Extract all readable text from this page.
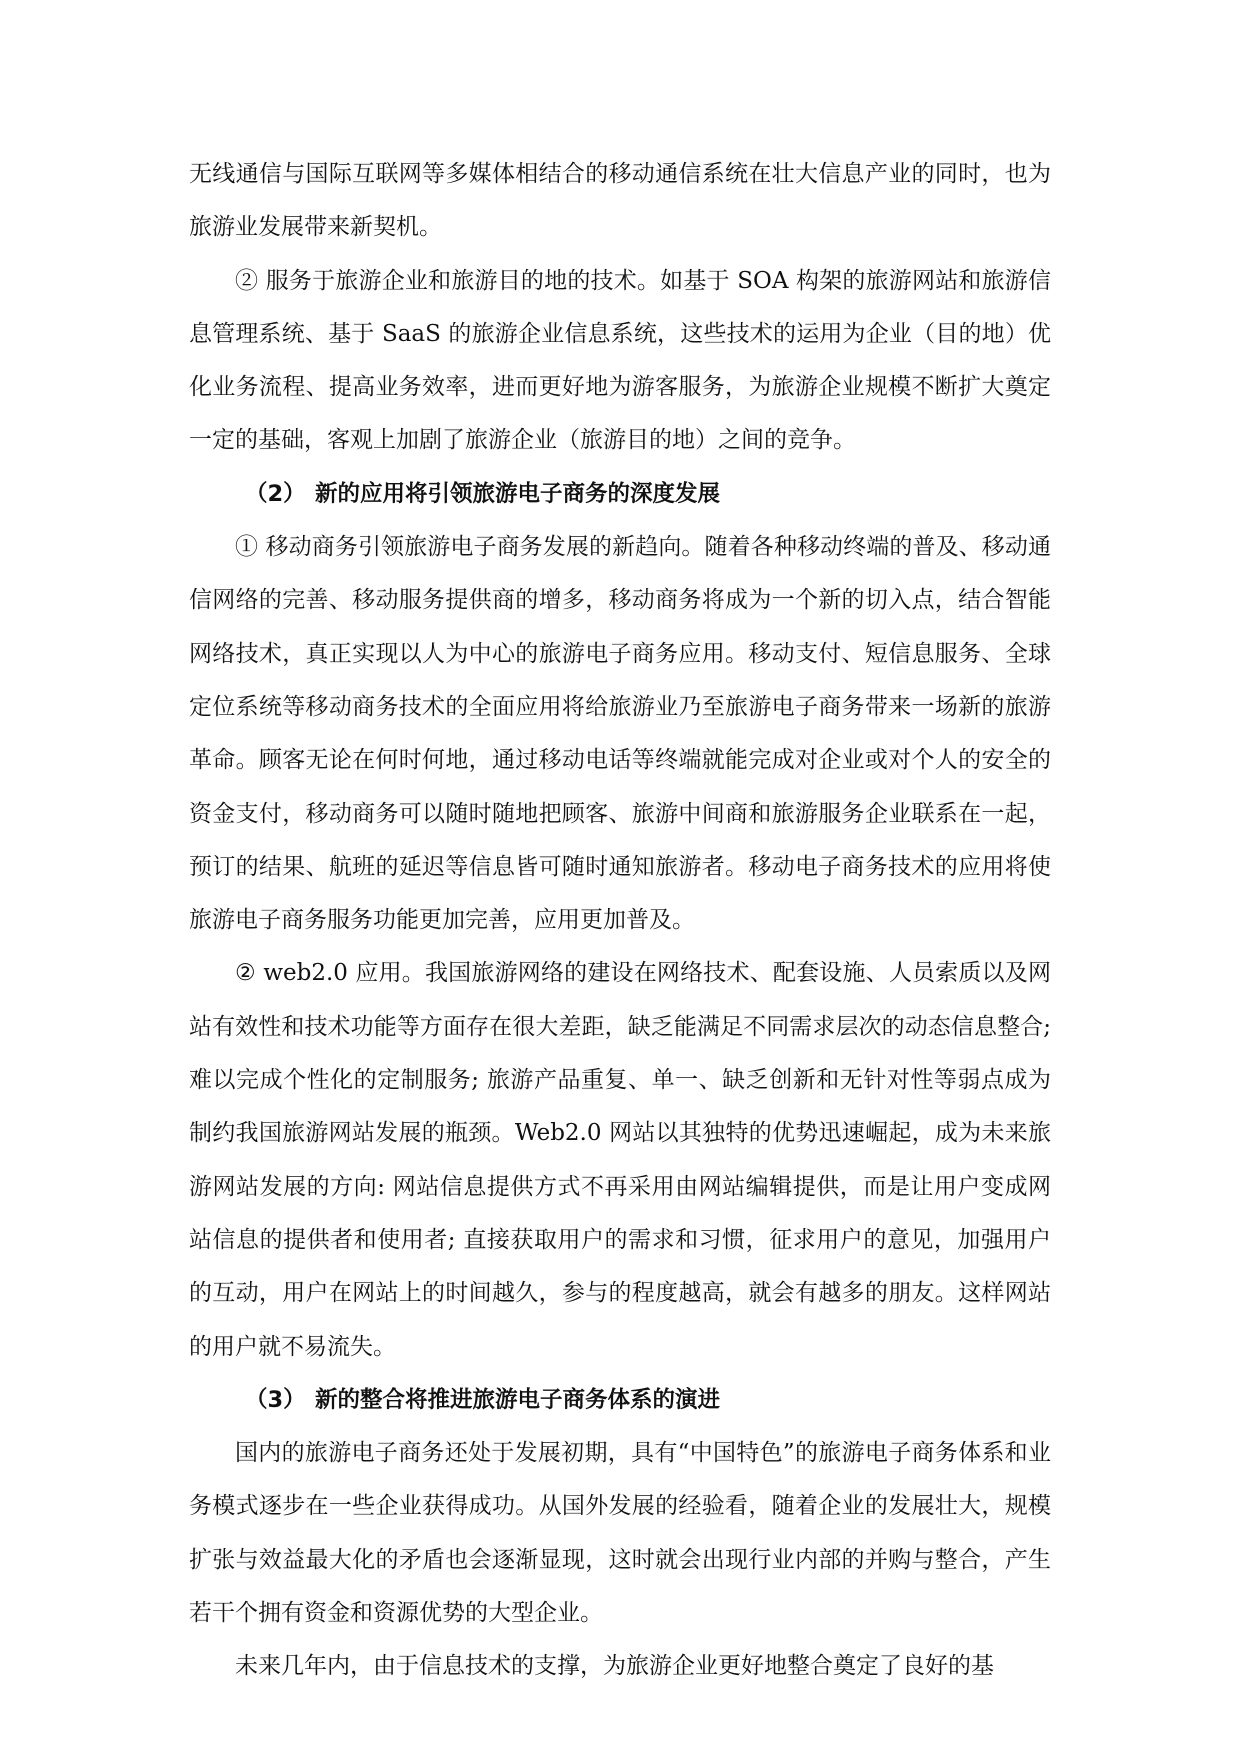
无线通信与国际互联网等多媒体相结合的移动通信系统在壮大信息产业的同时，也为旅游业发展带来新契机。

② 服务于旅游企业和旅游目的地的技术。如基于 SOA 构架的旅游网站和旅游信息管理系统、基于 SaaS 的旅游企业信息系统，这些技术的运用为企业（目的地）优化业务流程、提高业务效率，进而更好地为游客服务，为旅游企业规模不断扩大奠定一定的基础，客观上加剧了旅游企业（旅游目的地）之间的竞争。

（2） 新的应用将引领旅游电子商务的深度发展

① 移动商务引领旅游电子商务发展的新趋向。随着各种移动终端的普及、移动通信网络的完善、移动服务提供商的增多，移动商务将成为一个新的切入点，结合智能网络技术，真正实现以人为中心的旅游电子商务应用。移动支付、短信息服务、全球定位系统等移动商务技术的全面应用将给旅游业乃至旅游电子商务带来一场新的旅游革命。顾客无论在何时何地，通过移动电话等终端就能完成对企业或对个人的安全的资金支付，移动商务可以随时随地把顾客、旅游中间商和旅游服务企业联系在一起，预订的结果、航班的延迟等信息皆可随时通知旅游者。移动电子商务技术的应用将使旅游电子商务服务功能更加完善，应用更加普及。

② web2.0 应用。我国旅游网络的建设在网络技术、配套设施、人员索质以及网站有效性和技术功能等方面存在很大差距，缺乏能满足不同需求层次的动态信息整合; 难以完成个性化的定制服务; 旅游产品重复、单一、缺乏创新和无针对性等弱点成为制约我国旅游网站发展的瓶颈。Web2.0 网站以其独特的优势迅速崛起，成为未来旅游网站发展的方向: 网站信息提供方式不再采用由网站编辑提供，而是让用户变成网站信息的提供者和使用者; 直接获取用户的需求和习惯，征求用户的意见，加强用户的互动，用户在网站上的时间越久，参与的程度越高，就会有越多的朋友。这样网站的用户就不易流失。

（3） 新的整合将推进旅游电子商务体系的演进

国内的旅游电子商务还处于发展初期，具有“中国特色”的旅游电子商务体系和业务模式逐步在一些企业获得成功。从国外发展的经验看，随着企业的发展壮大，规模扩张与效益最大化的矛盾也会逐渐显现，这时就会出现行业内部的并购与整合，产生若干个拥有资金和资源优势的大型企业。

未来几年内，由于信息技术的支撑，为旅游企业更好地整合奠定了良好的基
